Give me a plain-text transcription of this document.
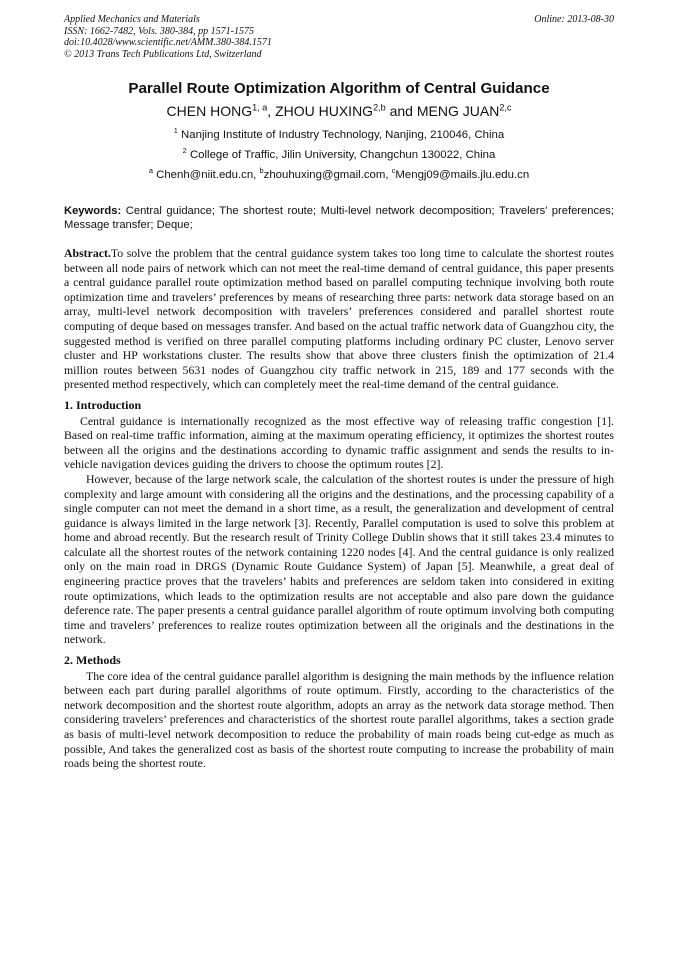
Applied Mechanics and Materials
ISSN: 1662-7482, Vols. 380-384, pp 1571-1575
doi:10.4028/www.scientific.net/AMM.380-384.1571
© 2013 Trans Tech Publications Ltd, Switzerland
Online: 2013-08-30
Parallel Route Optimization Algorithm of Central Guidance
CHEN HONG$^{1, a}$, ZHOU HUXING$^{2,b}$ and MENG JUAN$^{2,c}$
$^1$ Nanjing Institute of Industry Technology, Nanjing, 210046, China
$^2$ College of Traffic, Jilin University, Changchun 130022, China
$^a$ Chenh@niit.edu.cn, $^b$zhouhuxing@gmail.com, $^c$Mengj09@mails.jlu.edu.cn
Keywords: Central guidance; The shortest route; Multi-level network decomposition; Travelers’ preferences; Message transfer; Deque;
Abstract.To solve the problem that the central guidance system takes too long time to calculate the shortest routes between all node pairs of network which can not meet the real-time demand of central guidance, this paper presents a central guidance parallel route optimization method based on parallel computing technique involving both route optimization time and travelers’ preferences by means of researching three parts: network data storage based on an array, multi-level network decomposition with travelers’ preferences considered and parallel shortest route computing of deque based on messages transfer. And based on the actual traffic network data of Guangzhou city, the suggested method is verified on three parallel computing platforms including ordinary PC cluster, Lenovo server cluster and HP workstations cluster. The results show that above three clusters finish the optimization of 21.4 million routes between 5631 nodes of Guangzhou city traffic network in 215, 189 and 177 seconds with the presented method respectively, which can completely meet the real-time demand of the central guidance.
1. Introduction

Central guidance is internationally recognized as the most effective way of releasing traffic congestion [1]. Based on real-time traffic information, aiming at the maximum operating efficiency, it optimizes the shortest routes between all the origins and the destinations according to dynamic traffic assignment and sends the results to in-vehicle navigation devices guiding the drivers to choose the optimum routes [2].

However, because of the large network scale, the calculation of the shortest routes is under the pressure of high complexity and large amount with considering all the origins and the destinations, and the processing capability of a single computer can not meet the demand in a short time, as a result, the generalization and development of central guidance is always limited in the large network [3]. Recently, Parallel computation is used to solve this problem at home and abroad recently. But the research result of Trinity College Dublin shows that it still takes 23.4 minutes to calculate all the shortest routes of the network containing 1220 nodes [4]. And the central guidance is only realized only on the main road in DRGS (Dynamic Route Guidance System) of Japan [5]. Meanwhile, a great deal of engineering practice proves that the travelers’ habits and preferences are seldom taken into considered in exiting route optimizations, which leads to the optimization results are not acceptable and also pare down the guidance deference rate. The paper presents a central guidance parallel algorithm of route optimum involving both computing time and travelers’ preferences to realize routes optimization between all the originals and the destinations in the network.

2. Methods

The core idea of the central guidance parallel algorithm is designing the main methods by the influence relation between each part during parallel algorithms of route optimum. Firstly, according to the characteristics of the network decomposition and the shortest route algorithm, adopts an array as the network data storage method. Then considering travelers’ preferences and characteristics of the shortest route parallel algorithms, takes a section grade as basis of multi-level network decomposition to reduce the probability of main roads being cut-edge as much as possible, And takes the generalized cost as basis of the shortest route computing to increase the probability of main roads being the shortest route.
